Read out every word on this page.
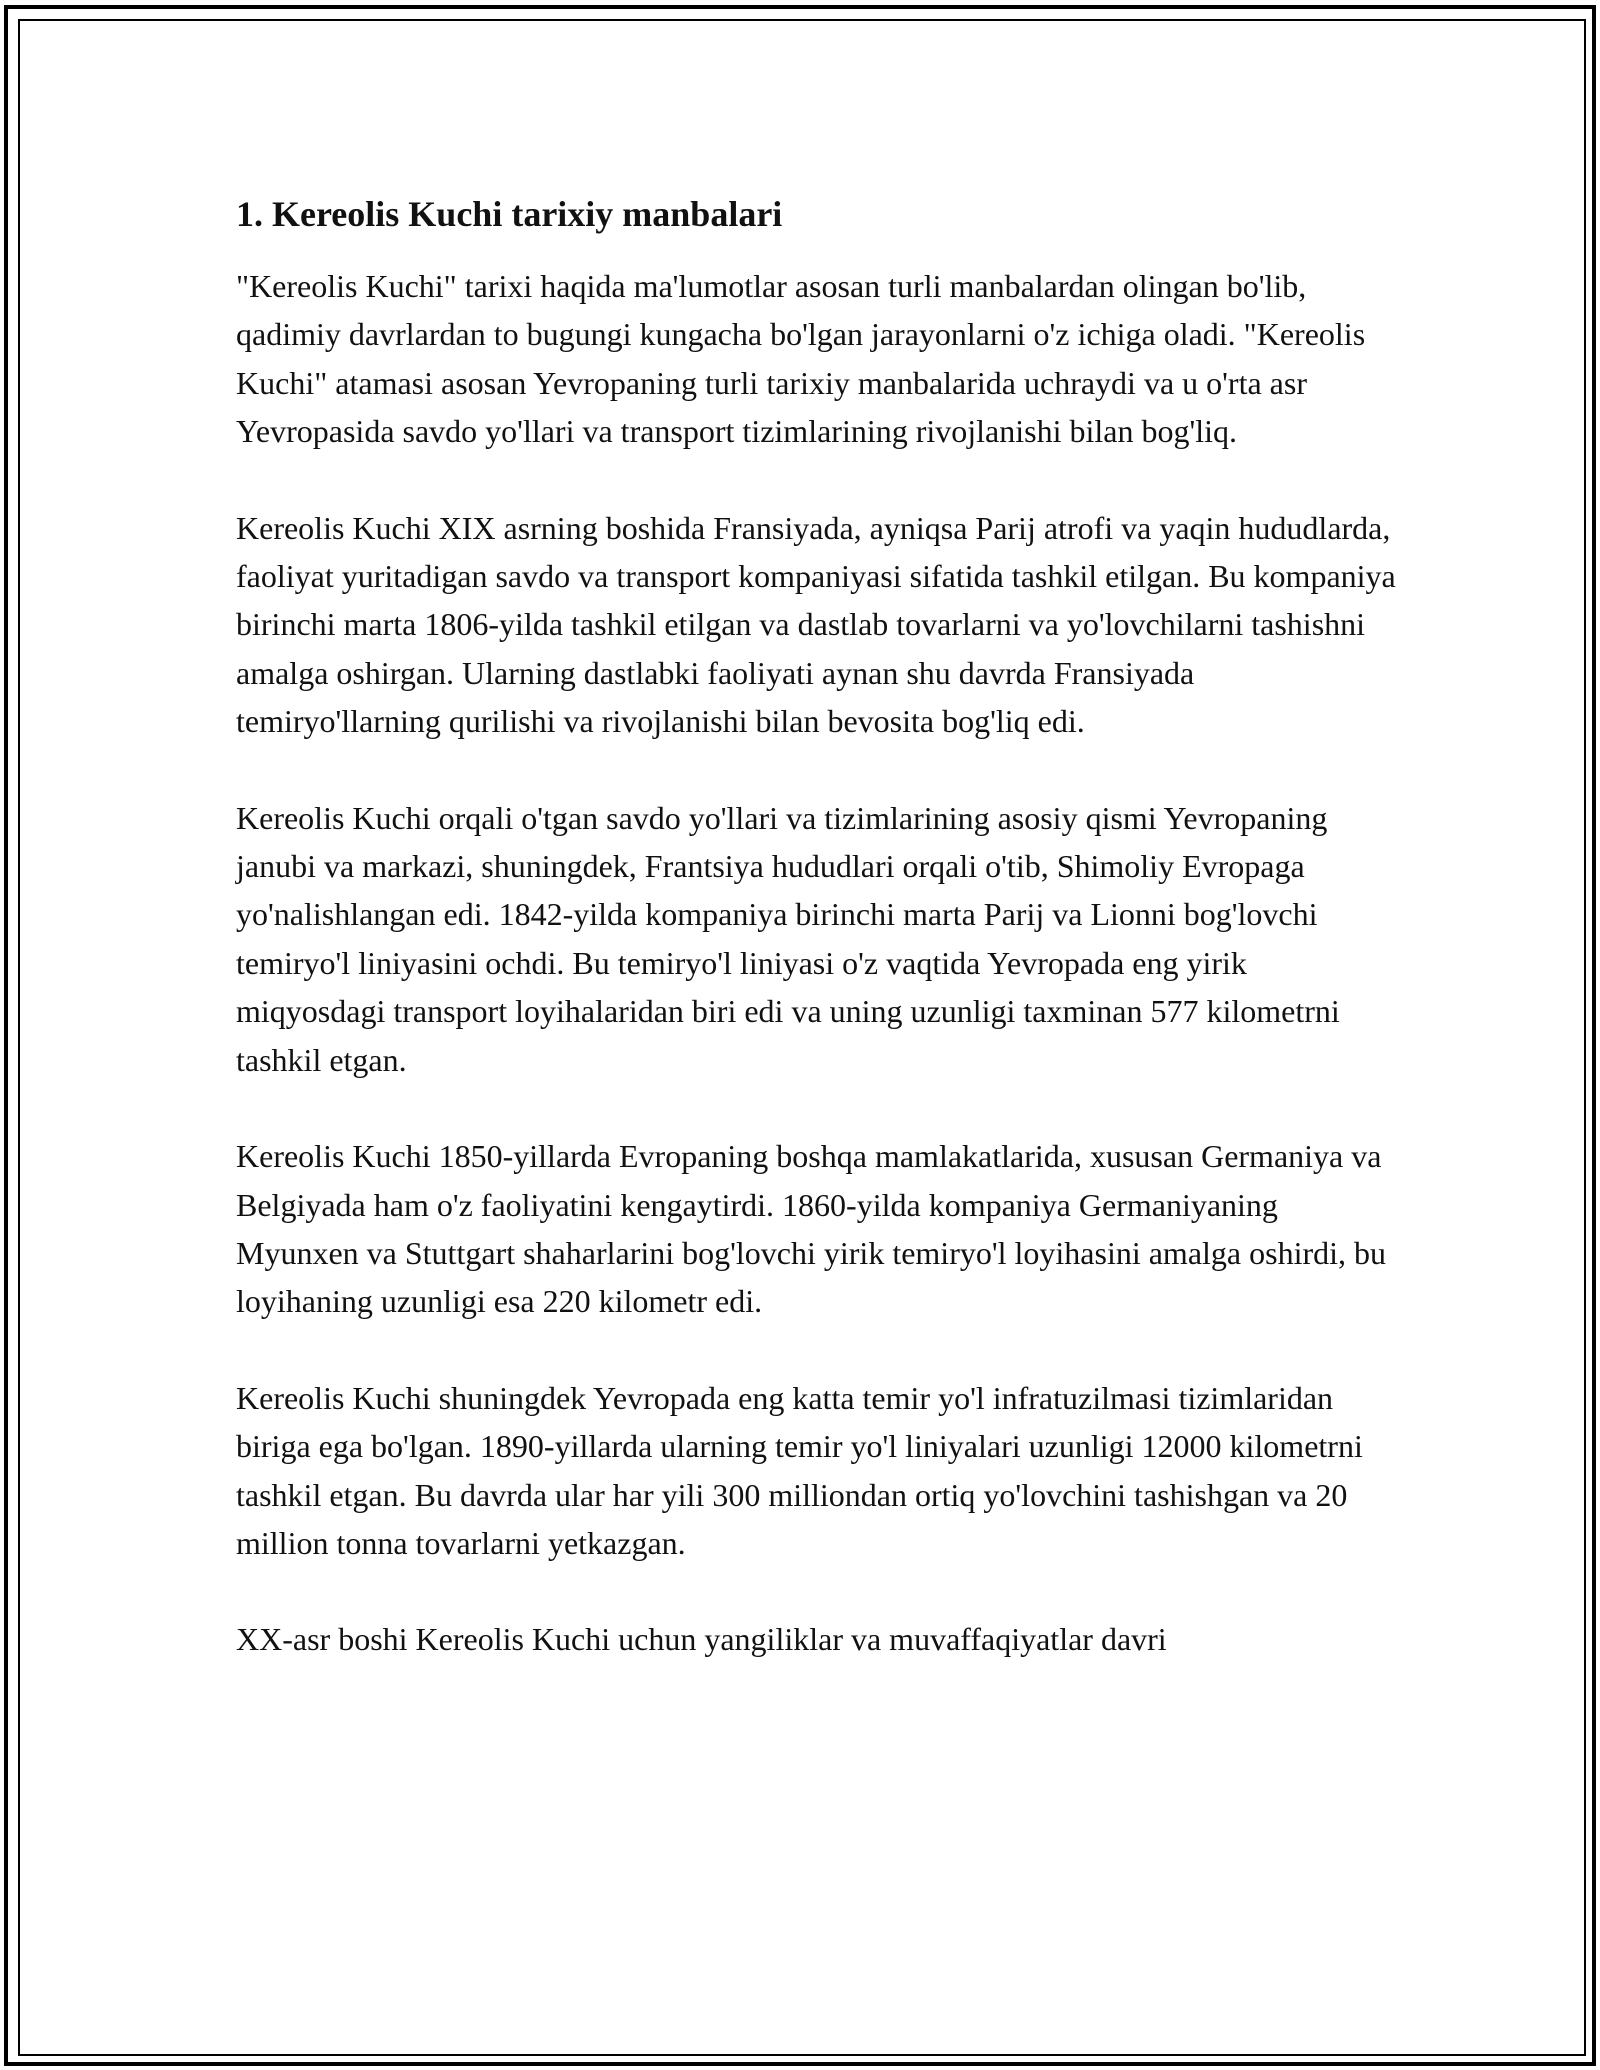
1. Kereolis Kuchi tarixiy manbalari

"Kereolis Kuchi" tarixi haqida ma'lumotlar asosan turli manbalardan olingan bo'lib, qadimiy davrlardan to bugungi kungacha bo'lgan jarayonlarni o'z ichiga oladi. "Kereolis Kuchi" atamasi asosan Yevropaning turli tarixiy manbalarida uchraydi va u o'rta asr Yevropasida savdo yo'llari va transport tizimlarining rivojlanishi bilan bog'liq.

Kereolis Kuchi XIX asrning boshida Fransiyada, ayniqsa Parij atrofi va yaqin hududlarda, faoliyat yuritadigan savdo va transport kompaniyasi sifatida tashkil etilgan. Bu kompaniya birinchi marta 1806-yilda tashkil etilgan va dastlab tovarlarni va yo'lovchilarni tashishni amalga oshirgan. Ularning dastlabki faoliyati aynan shu davrda Fransiyada temiryo'llarning qurilishi va rivojlanishi bilan bevosita bog'liq edi.

Kereolis Kuchi orqali o'tgan savdo yo'llari va tizimlarining asosiy qismi Yevropaning janubi va markazi, shuningdek, Frantsiya hududlari orqali o'tib, Shimoliy Evropaga yo'nalishlangan edi. 1842-yilda kompaniya birinchi marta Parij va Lionni bog'lovchi temiryo'l liniyasini ochdi. Bu temiryo'l liniyasi o'z vaqtida Yevropada eng yirik miqyosdagi transport loyihalaridan biri edi va uning uzunligi taxminan 577 kilometrni tashkil etgan.

Kereolis Kuchi 1850-yillarda Evropaning boshqa mamlakatlarida, xususan Germaniya va Belgiyada ham o'z faoliyatini kengaytirdi. 1860-yilda kompaniya Germaniyaning Myunxen va Stuttgart shaharlarini bog'lovchi yirik temiryo'l loyihasini amalga oshirdi, bu loyihaning uzunligi esa 220 kilometr edi.

Kereolis Kuchi shuningdek Yevropada eng katta temir yo'l infratuzilmasi tizimlaridan biriga ega bo'lgan. 1890-yillarda ularning temir yo'l liniyalari uzunligi 12000 kilometrni tashkil etgan. Bu davrda ular har yili 300 milliondan ortiq yo'lovchini tashishgan va 20 million tonna tovarlarni yetkazgan.

XX-asr boshi Kereolis Kuchi uchun yangiliklar va muvaffaqiyatlar davri
